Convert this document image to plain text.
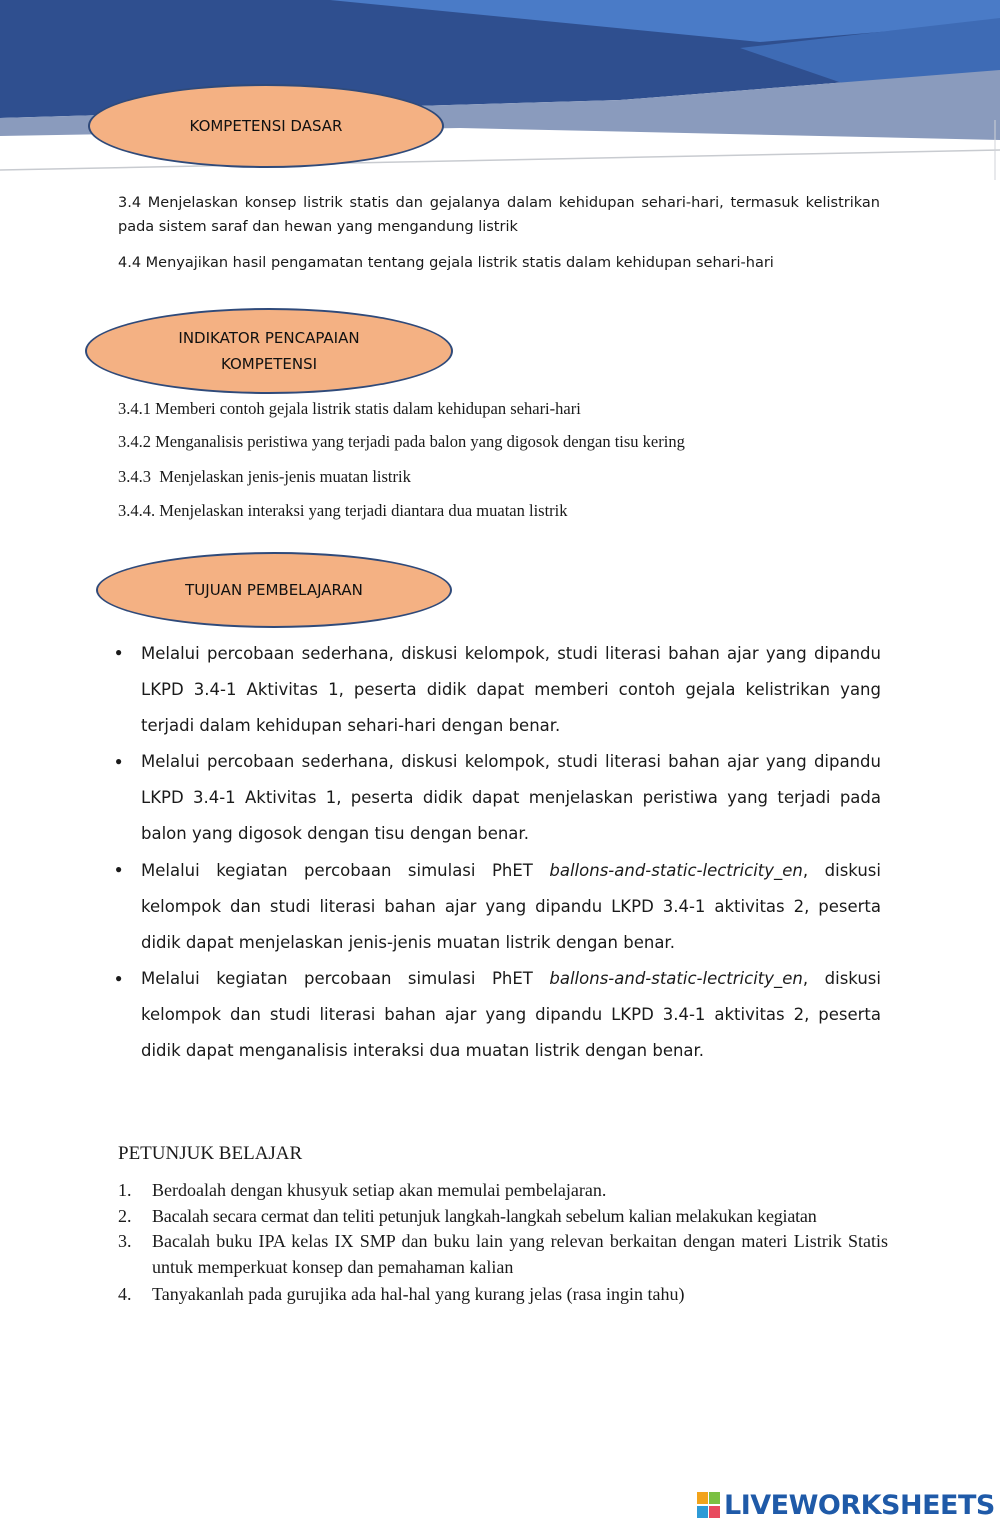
KOMPETENSI DASAR
3.4 Menjelaskan konsep listrik statis dan gejalanya dalam kehidupan sehari-hari, termasuk kelistrikan pada sistem saraf dan hewan yang mengandung listrik
4.4 Menyajikan hasil pengamatan tentang gejala listrik statis dalam kehidupan sehari-hari
INDIKATOR PENCAPAIAN
KOMPETENSI
3.4.1 Memberi contoh gejala listrik statis dalam kehidupan sehari-hari
3.4.2 Menganalisis peristiwa yang terjadi pada balon yang digosok dengan tisu kering
3.4.3  Menjelaskan jenis-jenis muatan listrik
3.4.4. Menjelaskan interaksi yang terjadi diantara dua muatan listrik
TUJUAN PEMBELAJARAN
● Melalui percobaan sederhana, diskusi kelompok, studi literasi bahan ajar yang dipandu LKPD 3.4-1 Aktivitas 1, peserta didik dapat memberi contoh gejala kelistrikan yang terjadi dalam kehidupan sehari-hari dengan benar.
● Melalui percobaan sederhana, diskusi kelompok, studi literasi bahan ajar yang dipandu LKPD 3.4-1 Aktivitas 1, peserta didik dapat menjelaskan peristiwa yang terjadi pada balon yang digosok dengan tisu dengan benar.
● Melalui kegiatan percobaan simulasi PhET ballons-and-static-lectricity_en, diskusi kelompok dan studi literasi bahan ajar yang dipandu LKPD 3.4-1 aktivitas 2, peserta didik dapat menjelaskan jenis-jenis muatan listrik dengan benar.
● Melalui kegiatan percobaan simulasi PhET ballons-and-static-lectricity_en, diskusi kelompok dan studi literasi bahan ajar yang dipandu LKPD 3.4-1 aktivitas 2, peserta didik dapat menganalisis interaksi dua muatan listrik dengan benar.
PETUNJUK BELAJAR
1. Berdoalah dengan khusyuk setiap akan memulai pembelajaran.
2. Bacalah secara cermat dan teliti petunjuk langkah-langkah sebelum kalian melakukan kegiatan
3. Bacalah buku IPA kelas IX SMP dan buku lain yang relevan berkaitan dengan materi Listrik Statis untuk memperkuat konsep dan pemahaman kalian
4. Tanyakanlah pada gurujika ada hal-hal yang kurang jelas (rasa ingin tahu)
LIVEWORKSHEETS
